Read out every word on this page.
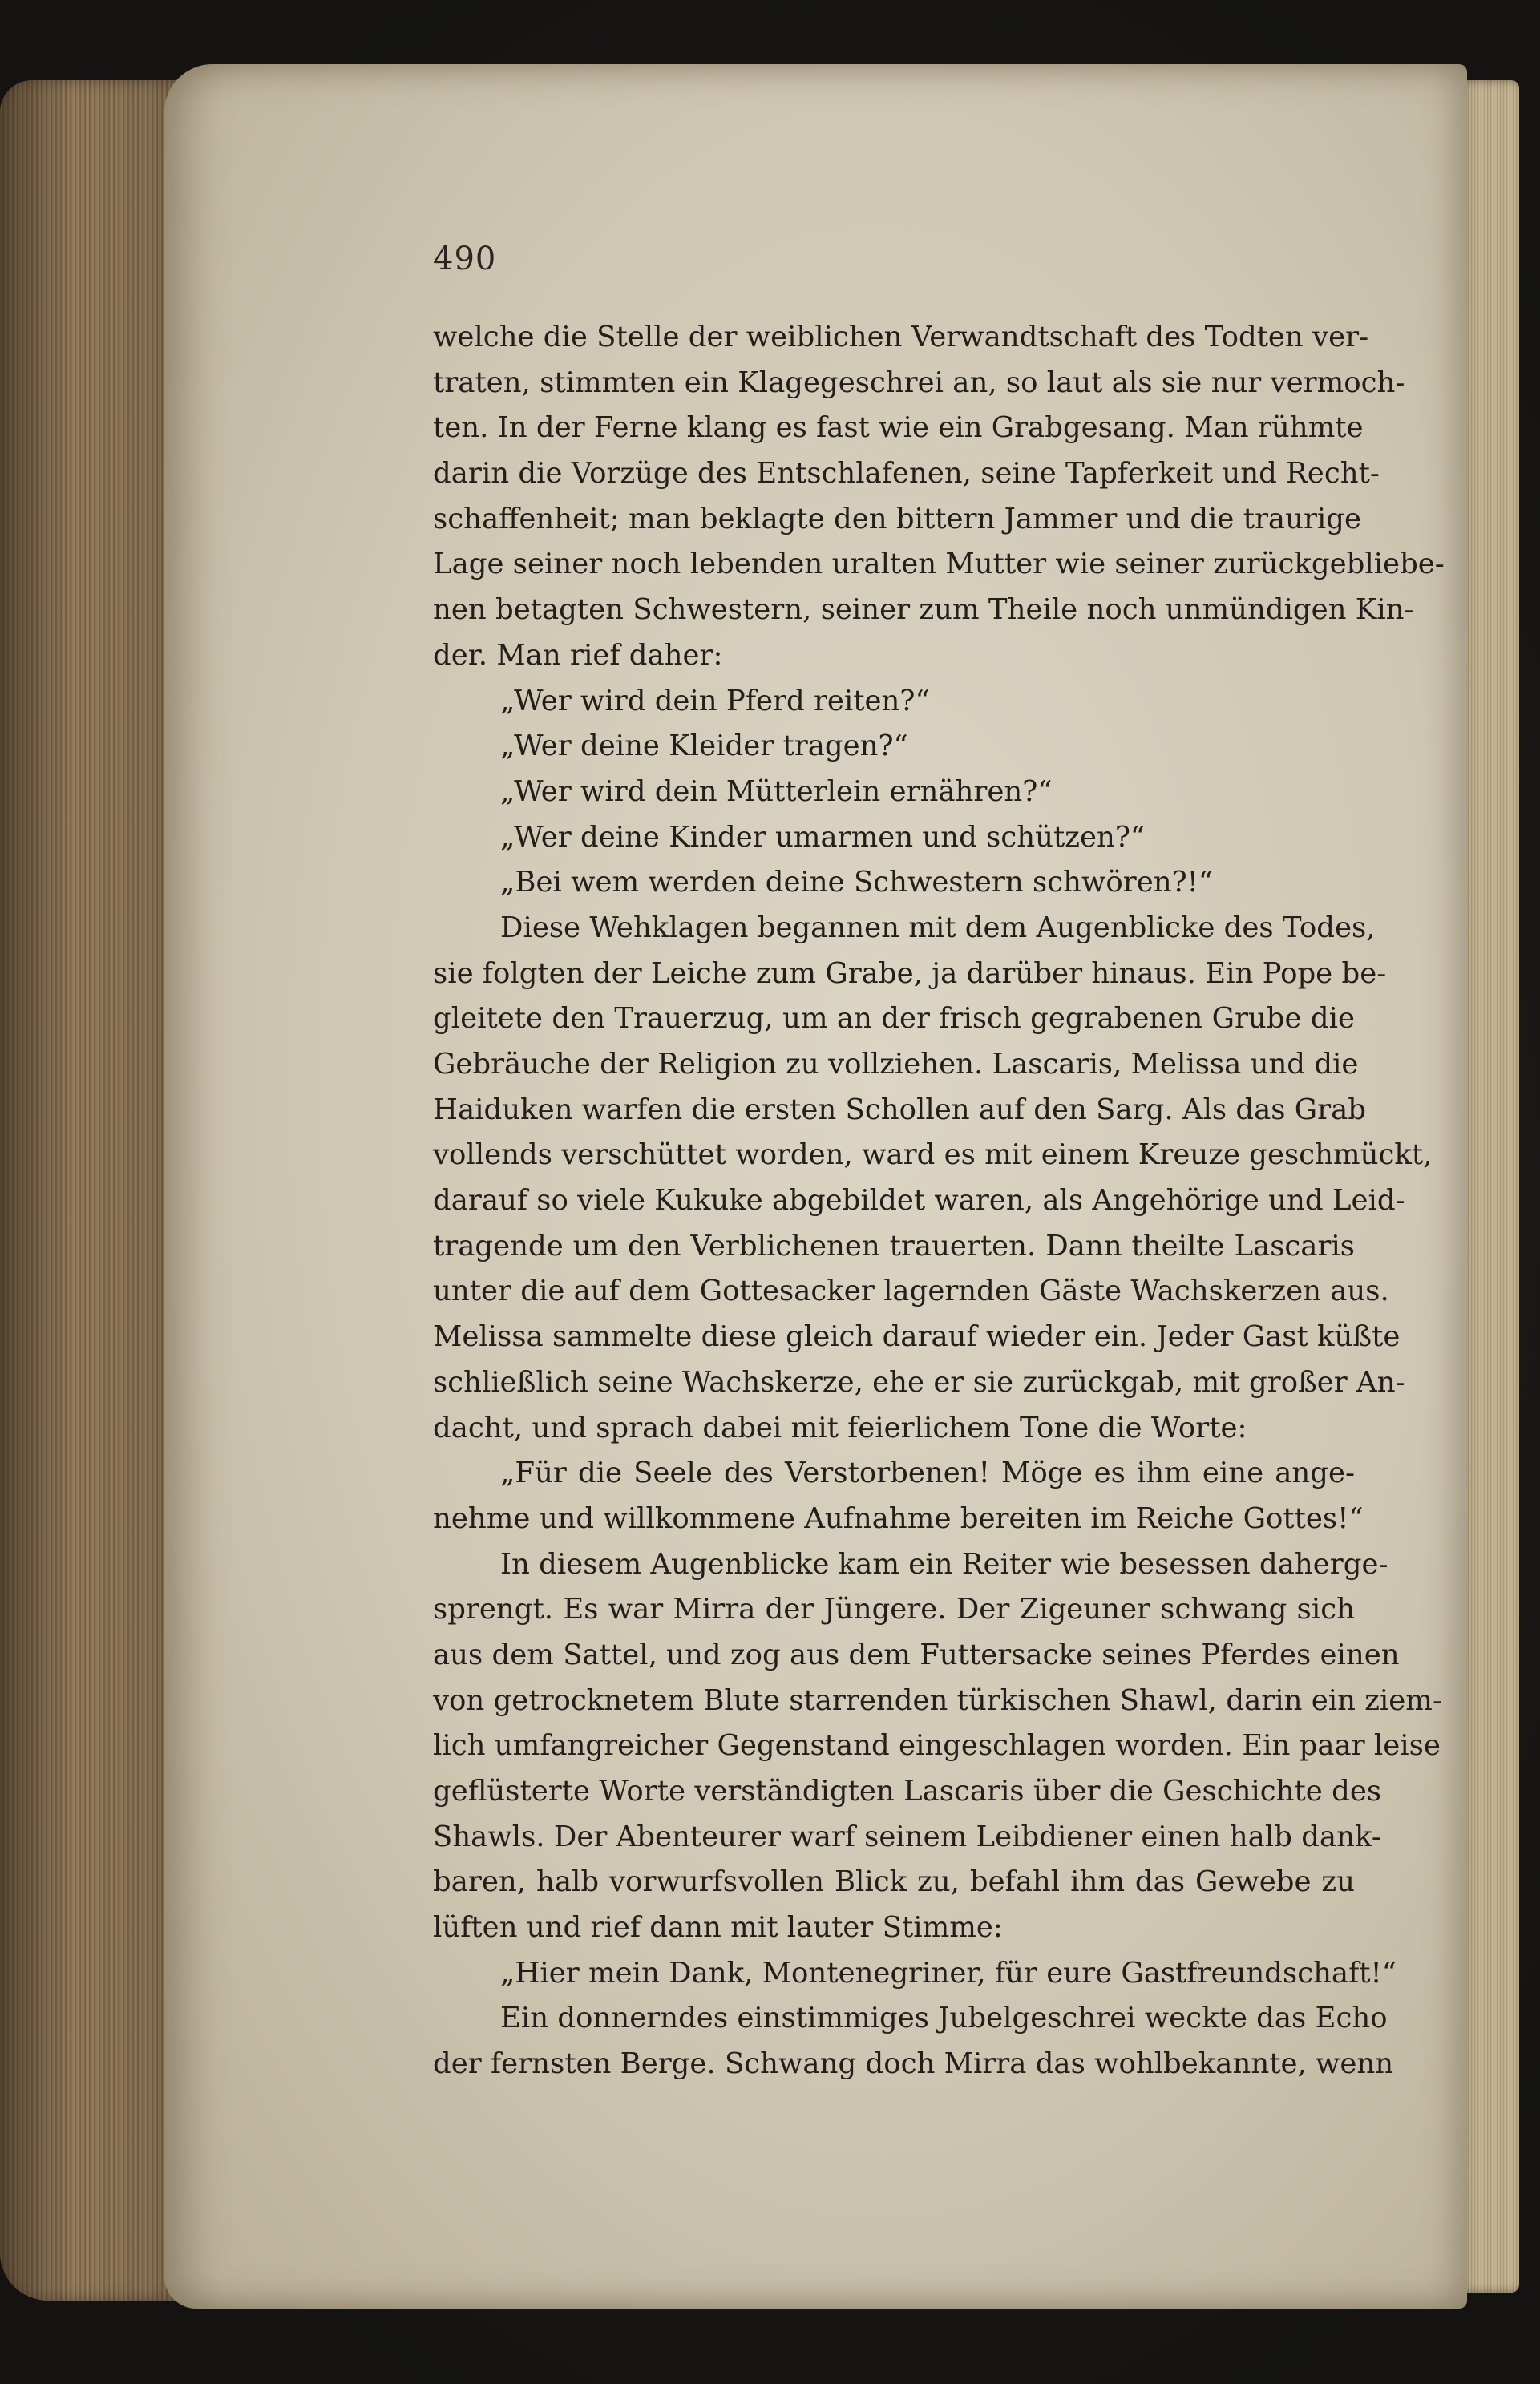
490
welche die Stelle der weiblichen Verwandtschaft des Todten ver-
traten, stimmten ein Klagegeschrei an, so laut als sie nur vermoch-
ten. In der Ferne klang es fast wie ein Grabgesang. Man rühmte
darin die Vorzüge des Entschlafenen, seine Tapferkeit und Recht-
schaffenheit; man beklagte den bittern Jammer und die traurige
Lage seiner noch lebenden uralten Mutter wie seiner zurückgebliebe-
nen betagten Schwestern, seiner zum Theile noch unmündigen Kin-
der. Man rief daher:
„Wer wird dein Pferd reiten?“
„Wer deine Kleider tragen?“
„Wer wird dein Mütterlein ernähren?“
„Wer deine Kinder umarmen und schützen?“
„Bei wem werden deine Schwestern schwören?!“
Diese Wehklagen begannen mit dem Augenblicke des Todes,
sie folgten der Leiche zum Grabe, ja darüber hinaus. Ein Pope be-
gleitete den Trauerzug, um an der frisch gegrabenen Grube die
Gebräuche der Religion zu vollziehen. Lascaris, Melissa und die
Haiduken warfen die ersten Schollen auf den Sarg. Als das Grab
vollends verschüttet worden, ward es mit einem Kreuze geschmückt,
darauf so viele Kukuke abgebildet waren, als Angehörige und Leid-
tragende um den Verblichenen trauerten. Dann theilte Lascaris
unter die auf dem Gottesacker lagernden Gäste Wachskerzen aus.
Melissa sammelte diese gleich darauf wieder ein. Jeder Gast küßte
schließlich seine Wachskerze, ehe er sie zurückgab, mit großer An-
dacht, und sprach dabei mit feierlichem Tone die Worte:
„Für die Seele des Verstorbenen! Möge es ihm eine ange-
nehme und willkommene Aufnahme bereiten im Reiche Gottes!“
In diesem Augenblicke kam ein Reiter wie besessen daherge-
sprengt. Es war Mirra der Jüngere. Der Zigeuner schwang sich
aus dem Sattel, und zog aus dem Futtersacke seines Pferdes einen
von getrocknetem Blute starrenden türkischen Shawl, darin ein ziem-
lich umfangreicher Gegenstand eingeschlagen worden. Ein paar leise
geflüsterte Worte verständigten Lascaris über die Geschichte des
Shawls. Der Abenteurer warf seinem Leibdiener einen halb dank-
baren, halb vorwurfsvollen Blick zu, befahl ihm das Gewebe zu
lüften und rief dann mit lauter Stimme:
„Hier mein Dank, Montenegriner, für eure Gastfreundschaft!“
Ein donnerndes einstimmiges Jubelgeschrei weckte das Echo
der fernsten Berge. Schwang doch Mirra das wohlbekannte, wenn
